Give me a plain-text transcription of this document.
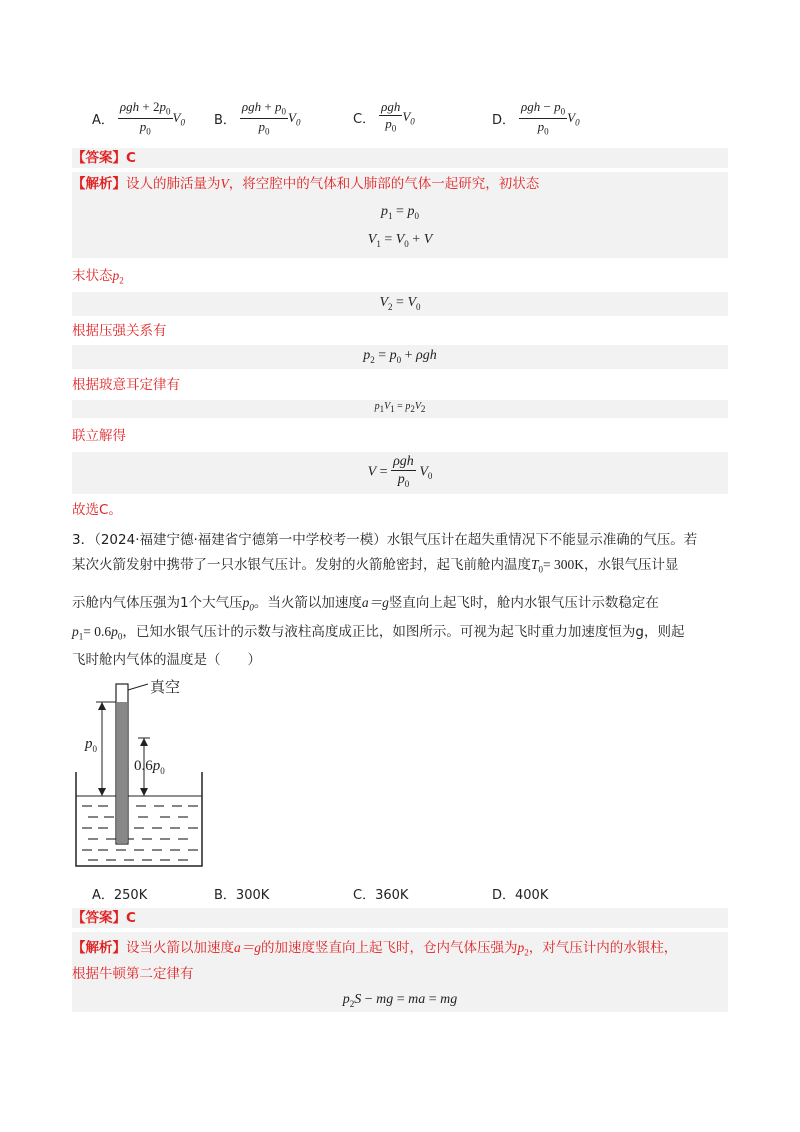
A． $\frac{\rho gh + 2p_0}{p_0} V_0$ B． $\frac{\rho gh + p_0}{p_0} V_0$	C． $\frac{\text{ρgh}}{p_0} V_0$	D． $\frac{\rho gh - p_0}{p_0} V_0$
【答案】C
【解析】设人的肺活量为V，将空腔中的气体和人肺部的气体一起研究，初状态
$p_1 = p_0$
$V_1 = V_0 + V$
末状态$p_2$
$V_2 = V_0$
根据压强关系有
$p_2 = p_0 + \rho gh$
根据玻意耳定律有
$p_1V_1 = p_2V_2$
联立解得
$V = \frac{\text{ρgh}}{p_0} V_0$
故选C。
3．（2024·福建宁德·福建省宁德第一中学校考一模）水银气压计在超失重情况下不能显示准确的气压。若
某次火箭发射中携带了一只水银气压计。发射的火箭舱密封，起飞前舱内温度$T_0= 300K$，水银气压计显
示舱内气体压强为1个大气压$p_0$。当火箭以加速度a＝g竖直向上起飞时，舱内水银气压计示数稳定在
$p_1= 0.6p_0$，已知水银气压计的示数与液柱高度成正比，如图所示。可视为起飞时重力加速度恒为g，则起
飞时舱内气体的温度是（　　）
真空
$p_0$
$0.6p_0$
A．250K	B．300K	C．360K	D．400K
【答案】C
【解析】设当火箭以加速度a＝g的加速度竖直向上起飞时，仓内气体压强为$p_2$，对气压计内的水银柱，
根据牛顿第二定律有
$p_2S$ − mg = ma = mg
